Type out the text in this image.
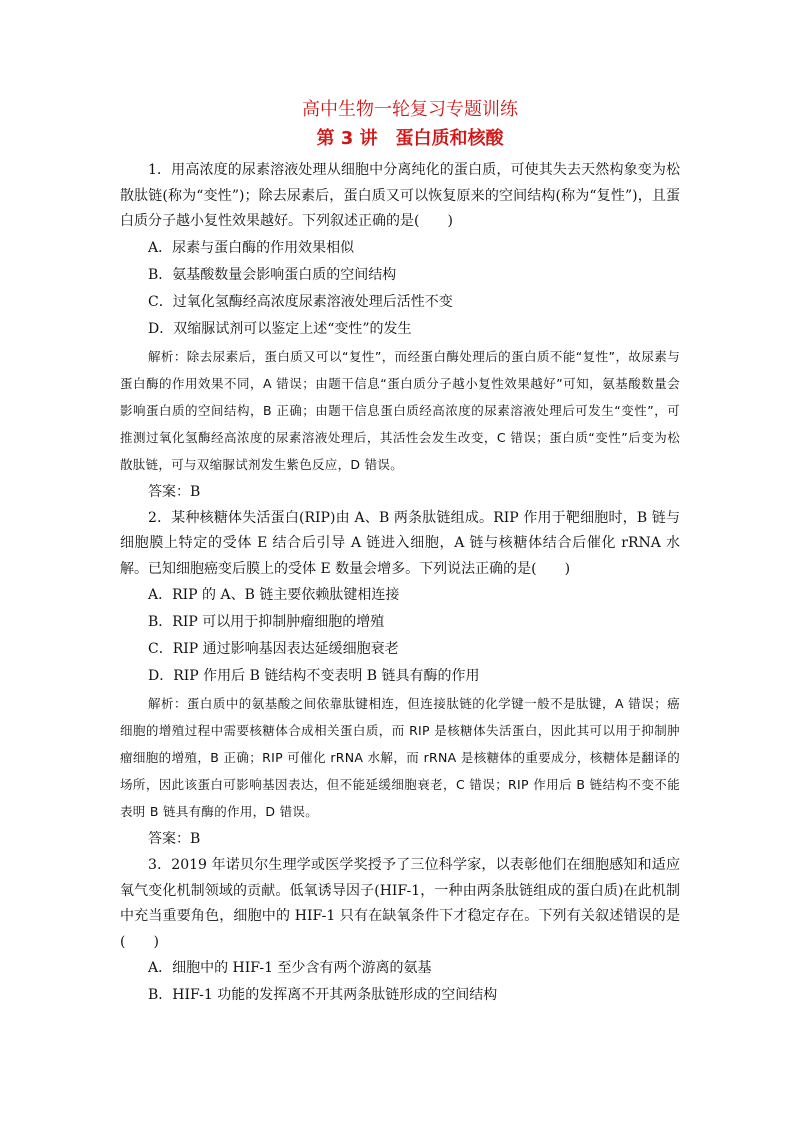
高中生物一轮复习专题训练

第 3 讲　蛋白质和核酸

1．用高浓度的尿素溶液处理从细胞中分离纯化的蛋白质，可使其失去天然构象变为松散肽链(称为“变性”)；除去尿素后，蛋白质又可以恢复原来的空间结构(称为“复性”)，且蛋白质分子越小复性效果越好。下列叙述正确的是(　　)

A．尿素与蛋白酶的作用效果相似

B．氨基酸数量会影响蛋白质的空间结构

C．过氧化氢酶经高浓度尿素溶液处理后活性不变

D．双缩脲试剂可以鉴定上述“变性”的发生

解析：除去尿素后，蛋白质又可以“复性”，而经蛋白酶处理后的蛋白质不能“复性”，故尿素与蛋白酶的作用效果不同，A 错误；由题干信息“蛋白质分子越小复性效果越好”可知，氨基酸数量会影响蛋白质的空间结构，B 正确；由题干信息蛋白质经高浓度的尿素溶液处理后可发生“变性”，可推测过氧化氢酶经高浓度的尿素溶液处理后，其活性会发生改变，C 错误；蛋白质“变性”后变为松散肽链，可与双缩脲试剂发生紫色反应，D 错误。

答案：B

2．某种核糖体失活蛋白(RIP)由 A、B 两条肽链组成。RIP 作用于靶细胞时，B 链与细胞膜上特定的受体 E 结合后引导 A 链进入细胞，A 链与核糖体结合后催化 rRNA 水解。已知细胞癌变后膜上的受体 E 数量会增多。下列说法正确的是(　　)

A．RIP 的 A、B 链主要依赖肽键相连接

B．RIP 可以用于抑制肿瘤细胞的增殖

C．RIP 通过影响基因表达延缓细胞衰老

D．RIP 作用后 B 链结构不变表明 B 链具有酶的作用

解析：蛋白质中的氨基酸之间依靠肽键相连，但连接肽链的化学键一般不是肽键，A 错误；癌细胞的增殖过程中需要核糖体合成相关蛋白质，而 RIP 是核糖体失活蛋白，因此其可以用于抑制肿瘤细胞的增殖，B 正确；RIP 可催化 rRNA 水解，而 rRNA 是核糖体的重要成分，核糖体是翻译的场所，因此该蛋白可影响基因表达，但不能延缓细胞衰老，C 错误；RIP 作用后 B 链结构不变不能表明 B 链具有酶的作用，D 错误。

答案：B

3．2019 年诺贝尔生理学或医学奖授予了三位科学家，以表彰他们在细胞感知和适应氧气变化机制领域的贡献。低氧诱导因子(HIF-1，一种由两条肽链组成的蛋白质)在此机制中充当重要角色，细胞中的 HIF-1 只有在缺氧条件下才稳定存在。下列有关叙述错误的是(　　)

A．细胞中的 HIF-1 至少含有两个游离的氨基

B．HIF-1 功能的发挥离不开其两条肽链形成的空间结构
